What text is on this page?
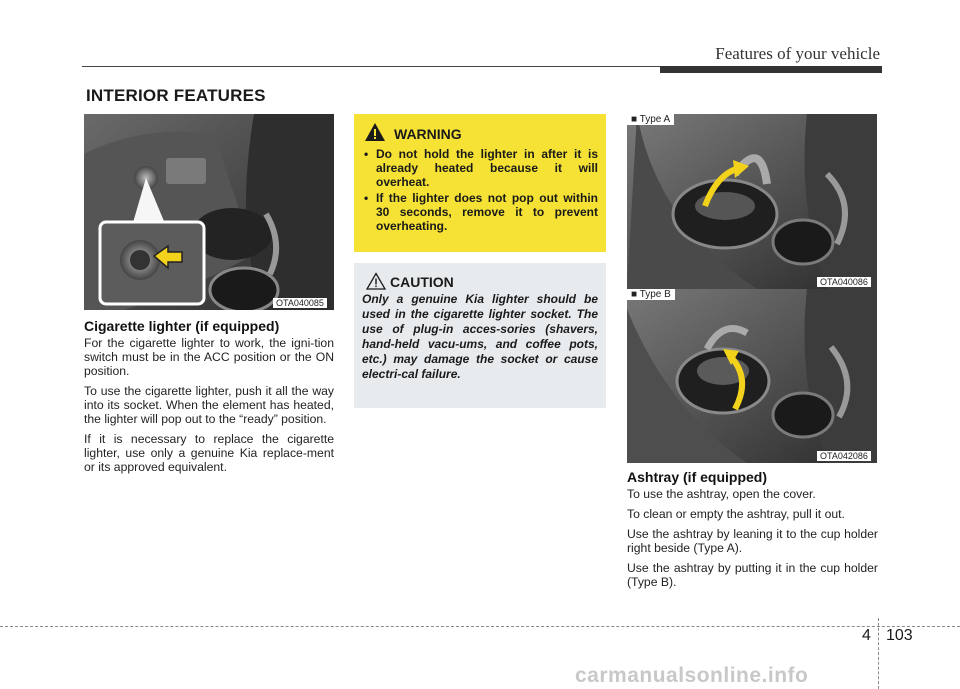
Features of your vehicle
INTERIOR FEATURES
OTA040085
Cigarette lighter (if equipped)

For the cigarette lighter to work, the igni-tion switch must be in the ACC position or the ON position.

To use the cigarette lighter, push it all the way into its socket. When the element has heated, the lighter will pop out to the “ready” position.

If it is necessary to replace the cigarette lighter, use only a genuine Kia replace-ment or its approved equivalent.

WARNING
• Do not hold the lighter in after it is already heated because it will overheat.
• If the lighter does not pop out within 30 seconds, remove it to prevent overheating.
CAUTION
Only a genuine Kia lighter should be used in the cigarette lighter socket. The use of plug-in acces-sories (shavers, hand-held vacu-ums, and coffee pots, etc.) may damage the socket or cause electri-cal failure.
■ Type A
OTA040086
■ Type B
OTA042086
Ashtray (if equipped)

To use the ashtray, open the cover.

To clean or empty the ashtray, pull it out.

Use the ashtray by leaning it to the cup holder right beside (Type A).

Use the ashtray by putting it in the cup holder (Type B).

4 103
carmanualsonline.info
